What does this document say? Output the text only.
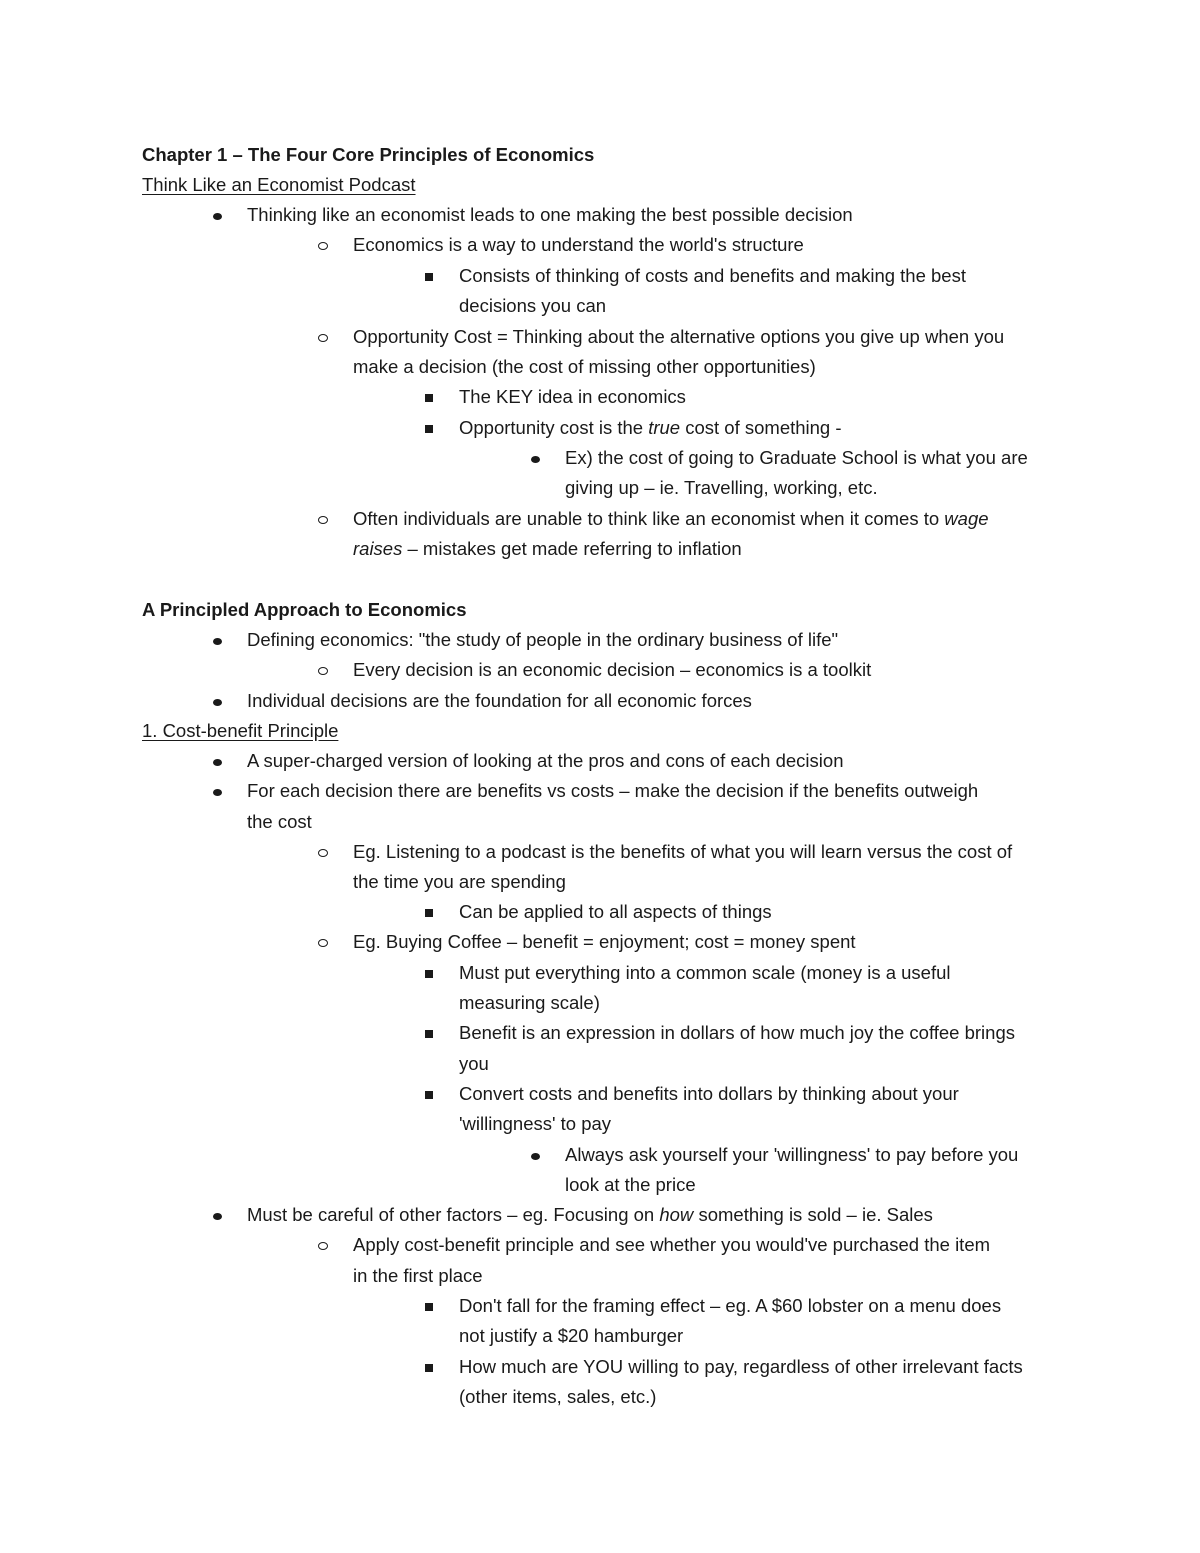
Chapter 1 – The Four Core Principles of Economics
Think Like an Economist Podcast
Thinking like an economist leads to one making the best possible decision
Economics is a way to understand the world's structure
Consists of thinking of costs and benefits and making the best
decisions you can
Opportunity Cost = Thinking about the alternative options you give up when you
make a decision (the cost of missing other opportunities)
The KEY idea in economics
Opportunity cost is the true cost of something -
Ex) the cost of going to Graduate School is what you are
giving up – ie. Travelling, working, etc.
Often individuals are unable to think like an economist when it comes to wage
raises – mistakes get made referring to inflation
A Principled Approach to Economics
Defining economics: "the study of people in the ordinary business of life"
Every decision is an economic decision – economics is a toolkit
Individual decisions are the foundation for all economic forces
1. Cost-benefit Principle
A super-charged version of looking at the pros and cons of each decision
For each decision there are benefits vs costs – make the decision if the benefits outweigh
the cost
Eg. Listening to a podcast is the benefits of what you will learn versus the cost of
the time you are spending
Can be applied to all aspects of things
Eg. Buying Coffee – benefit = enjoyment; cost = money spent
Must put everything into a common scale (money is a useful
measuring scale)
Benefit is an expression in dollars of how much joy the coffee brings
you
Convert costs and benefits into dollars by thinking about your
'willingness' to pay
Always ask yourself your 'willingness' to pay before you
look at the price
Must be careful of other factors – eg. Focusing on how something is sold – ie. Sales
Apply cost-benefit principle and see whether you would've purchased the item
in the first place
Don't fall for the framing effect – eg. A $60 lobster on a menu does
not justify a $20 hamburger
How much are YOU willing to pay, regardless of other irrelevant facts
(other items, sales, etc.)
